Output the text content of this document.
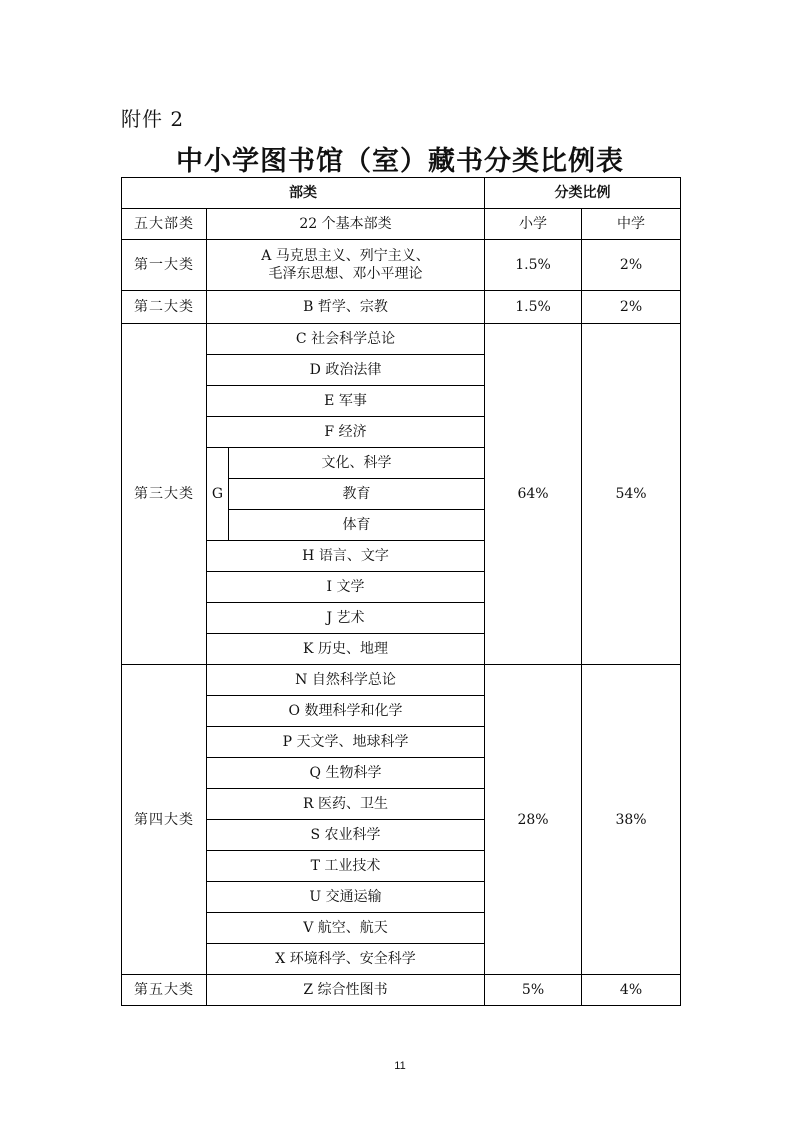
附件 2
中小学图书馆（室）藏书分类比例表
部类			分类比例	
五大部类	22 个基本部类		小学	中学
第一大类	A 马克思主义、列宁主义、
毛泽东思想、邓小平理论		1.5%	2%
第二大类	B 哲学、宗教		1.5%	2%
第三大类	C 社会科学总论		64%	54%
	D 政治法律			
	E 军事			
	F 经济			
	G	文化、科学		
		教育		
		体育		
	H 语言、文字			
	I 文学			
	J 艺术			
	K 历史、地理			
第四大类	N 自然科学总论		28%	38%
	O 数理科学和化学			
	P 天文学、地球科学			
	Q 生物科学			
	R 医药、卫生			
	S 农业科学			
	T 工业技术			
	U 交通运输			
	V 航空、航天			
	X 环境科学、安全科学			
第五大类	Z 综合性图书		5%	4%
11
